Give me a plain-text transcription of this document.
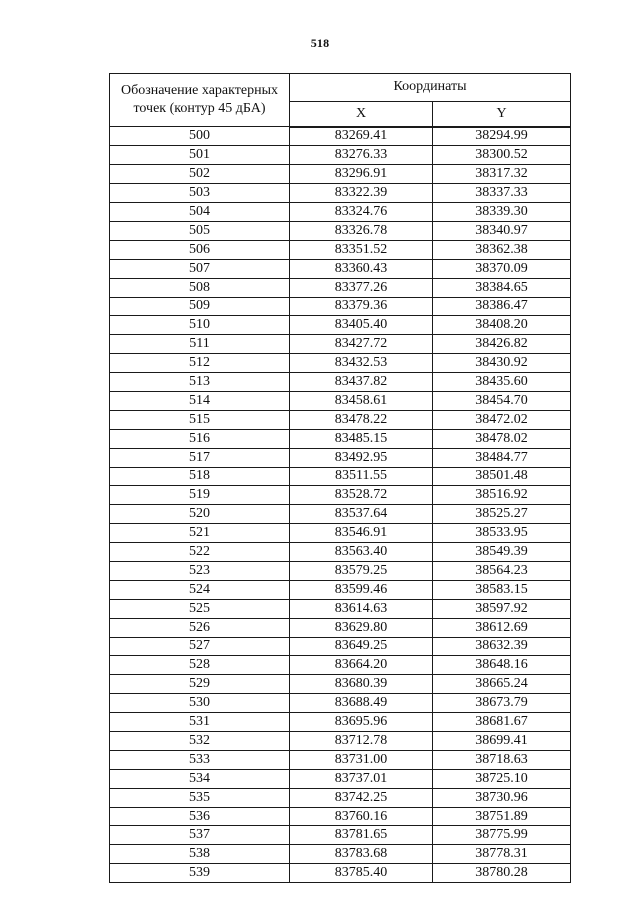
518
Обозначение характерных точек (контур 45 дБА)	Координаты	
	X	Y
500	83269.41	38294.99
501	83276.33	38300.52
502	83296.91	38317.32
503	83322.39	38337.33
504	83324.76	38339.30
505	83326.78	38340.97
506	83351.52	38362.38
507	83360.43	38370.09
508	83377.26	38384.65
509	83379.36	38386.47
510	83405.40	38408.20
511	83427.72	38426.82
512	83432.53	38430.92
513	83437.82	38435.60
514	83458.61	38454.70
515	83478.22	38472.02
516	83485.15	38478.02
517	83492.95	38484.77
518	83511.55	38501.48
519	83528.72	38516.92
520	83537.64	38525.27
521	83546.91	38533.95
522	83563.40	38549.39
523	83579.25	38564.23
524	83599.46	38583.15
525	83614.63	38597.92
526	83629.80	38612.69
527	83649.25	38632.39
528	83664.20	38648.16
529	83680.39	38665.24
530	83688.49	38673.79
531	83695.96	38681.67
532	83712.78	38699.41
533	83731.00	38718.63
534	83737.01	38725.10
535	83742.25	38730.96
536	83760.16	38751.89
537	83781.65	38775.99
538	83783.68	38778.31
539	83785.40	38780.28
